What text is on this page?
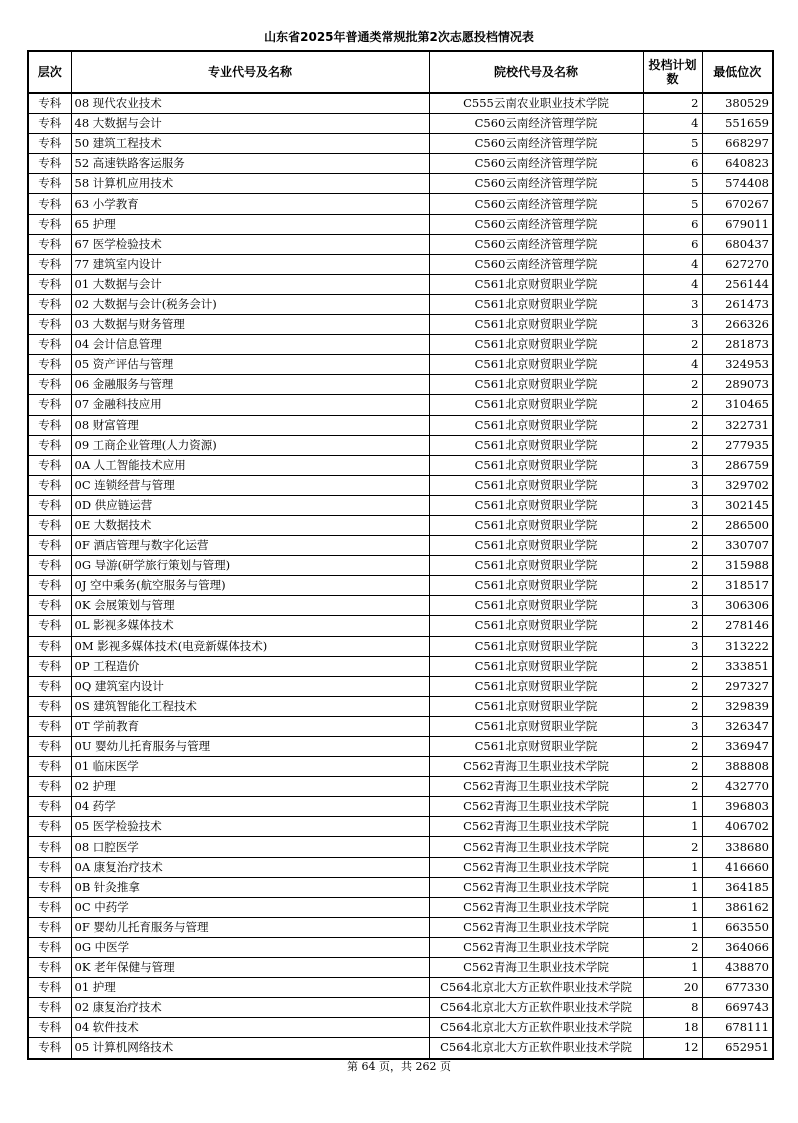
山东省2025年普通类常规批第2次志愿投档情况表
层次	专业代号及名称	院校代号及名称	投档计划数	最低位次
专科	08 现代农业技术	C555云南农业职业技术学院	2	380529
专科	48 大数据与会计	C560云南经济管理学院	4	551659
专科	50 建筑工程技术	C560云南经济管理学院	5	668297
专科	52 高速铁路客运服务	C560云南经济管理学院	6	640823
专科	58 计算机应用技术	C560云南经济管理学院	5	574408
专科	63 小学教育	C560云南经济管理学院	5	670267
专科	65 护理	C560云南经济管理学院	6	679011
专科	67 医学检验技术	C560云南经济管理学院	6	680437
专科	77 建筑室内设计	C560云南经济管理学院	4	627270
专科	01 大数据与会计	C561北京财贸职业学院	4	256144
专科	02 大数据与会计(税务会计)	C561北京财贸职业学院	3	261473
专科	03 大数据与财务管理	C561北京财贸职业学院	3	266326
专科	04 会计信息管理	C561北京财贸职业学院	2	281873
专科	05 资产评估与管理	C561北京财贸职业学院	4	324953
专科	06 金融服务与管理	C561北京财贸职业学院	2	289073
专科	07 金融科技应用	C561北京财贸职业学院	2	310465
专科	08 财富管理	C561北京财贸职业学院	2	322731
专科	09 工商企业管理(人力资源)	C561北京财贸职业学院	2	277935
专科	0A 人工智能技术应用	C561北京财贸职业学院	3	286759
专科	0C 连锁经营与管理	C561北京财贸职业学院	3	329702
专科	0D 供应链运营	C561北京财贸职业学院	3	302145
专科	0E 大数据技术	C561北京财贸职业学院	2	286500
专科	0F 酒店管理与数字化运营	C561北京财贸职业学院	2	330707
专科	0G 导游(研学旅行策划与管理)	C561北京财贸职业学院	2	315988
专科	0J 空中乘务(航空服务与管理)	C561北京财贸职业学院	2	318517
专科	0K 会展策划与管理	C561北京财贸职业学院	3	306306
专科	0L 影视多媒体技术	C561北京财贸职业学院	2	278146
专科	0M 影视多媒体技术(电竞新媒体技术)	C561北京财贸职业学院	3	313222
专科	0P 工程造价	C561北京财贸职业学院	2	333851
专科	0Q 建筑室内设计	C561北京财贸职业学院	2	297327
专科	0S 建筑智能化工程技术	C561北京财贸职业学院	2	329839
专科	0T 学前教育	C561北京财贸职业学院	3	326347
专科	0U 婴幼儿托育服务与管理	C561北京财贸职业学院	2	336947
专科	01 临床医学	C562青海卫生职业技术学院	2	388808
专科	02 护理	C562青海卫生职业技术学院	2	432770
专科	04 药学	C562青海卫生职业技术学院	1	396803
专科	05 医学检验技术	C562青海卫生职业技术学院	1	406702
专科	08 口腔医学	C562青海卫生职业技术学院	2	338680
专科	0A 康复治疗技术	C562青海卫生职业技术学院	1	416660
专科	0B 针灸推拿	C562青海卫生职业技术学院	1	364185
专科	0C 中药学	C562青海卫生职业技术学院	1	386162
专科	0F 婴幼儿托育服务与管理	C562青海卫生职业技术学院	1	663550
专科	0G 中医学	C562青海卫生职业技术学院	2	364066
专科	0K 老年保健与管理	C562青海卫生职业技术学院	1	438870
专科	01 护理	C564北京北大方正软件职业技术学院	20	677330
专科	02 康复治疗技术	C564北京北大方正软件职业技术学院	8	669743
专科	04 软件技术	C564北京北大方正软件职业技术学院	18	678111
专科	05 计算机网络技术	C564北京北大方正软件职业技术学院	12	652951
第 64 页，共 262 页
